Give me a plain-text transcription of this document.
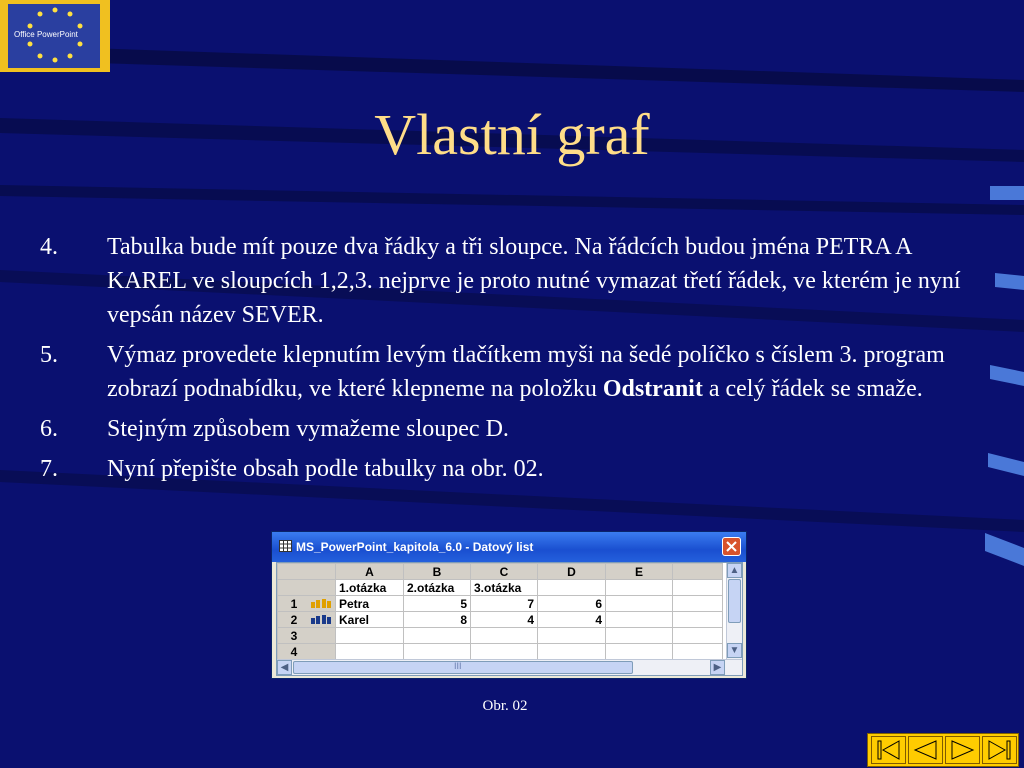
Office PowerPoint
Vlastní graf
4. Tabulka bude mít pouze dva řádky a tři sloupce. Na řádcích budou jména PETRA A KAREL ve sloupcích 1,2,3. nejprve je proto nutné vymazat třetí řádek, ve kterém je nyní vepsán název SEVER.
5. Výmaz provedete klepnutím levým tlačítkem myši na šedé políčko s číslem 3. program zobrazí podnabídku, ve které klepneme na položku Odstranit a celý řádek se smaže.
6. Stejným způsobem vymažeme sloupec D.
7. Nyní přepište obsah podle tabulky na obr. 02.
MS_PowerPoint_kapitola_6.0 - Datový list
	A	B	C	D	E	
	1.otázka	2.otázka	3.otázka			

1	Petra	5	7	6		

2	Karel	8	4	4		
3						
4						
▲
▼
◀	III	▶
Obr. 02
